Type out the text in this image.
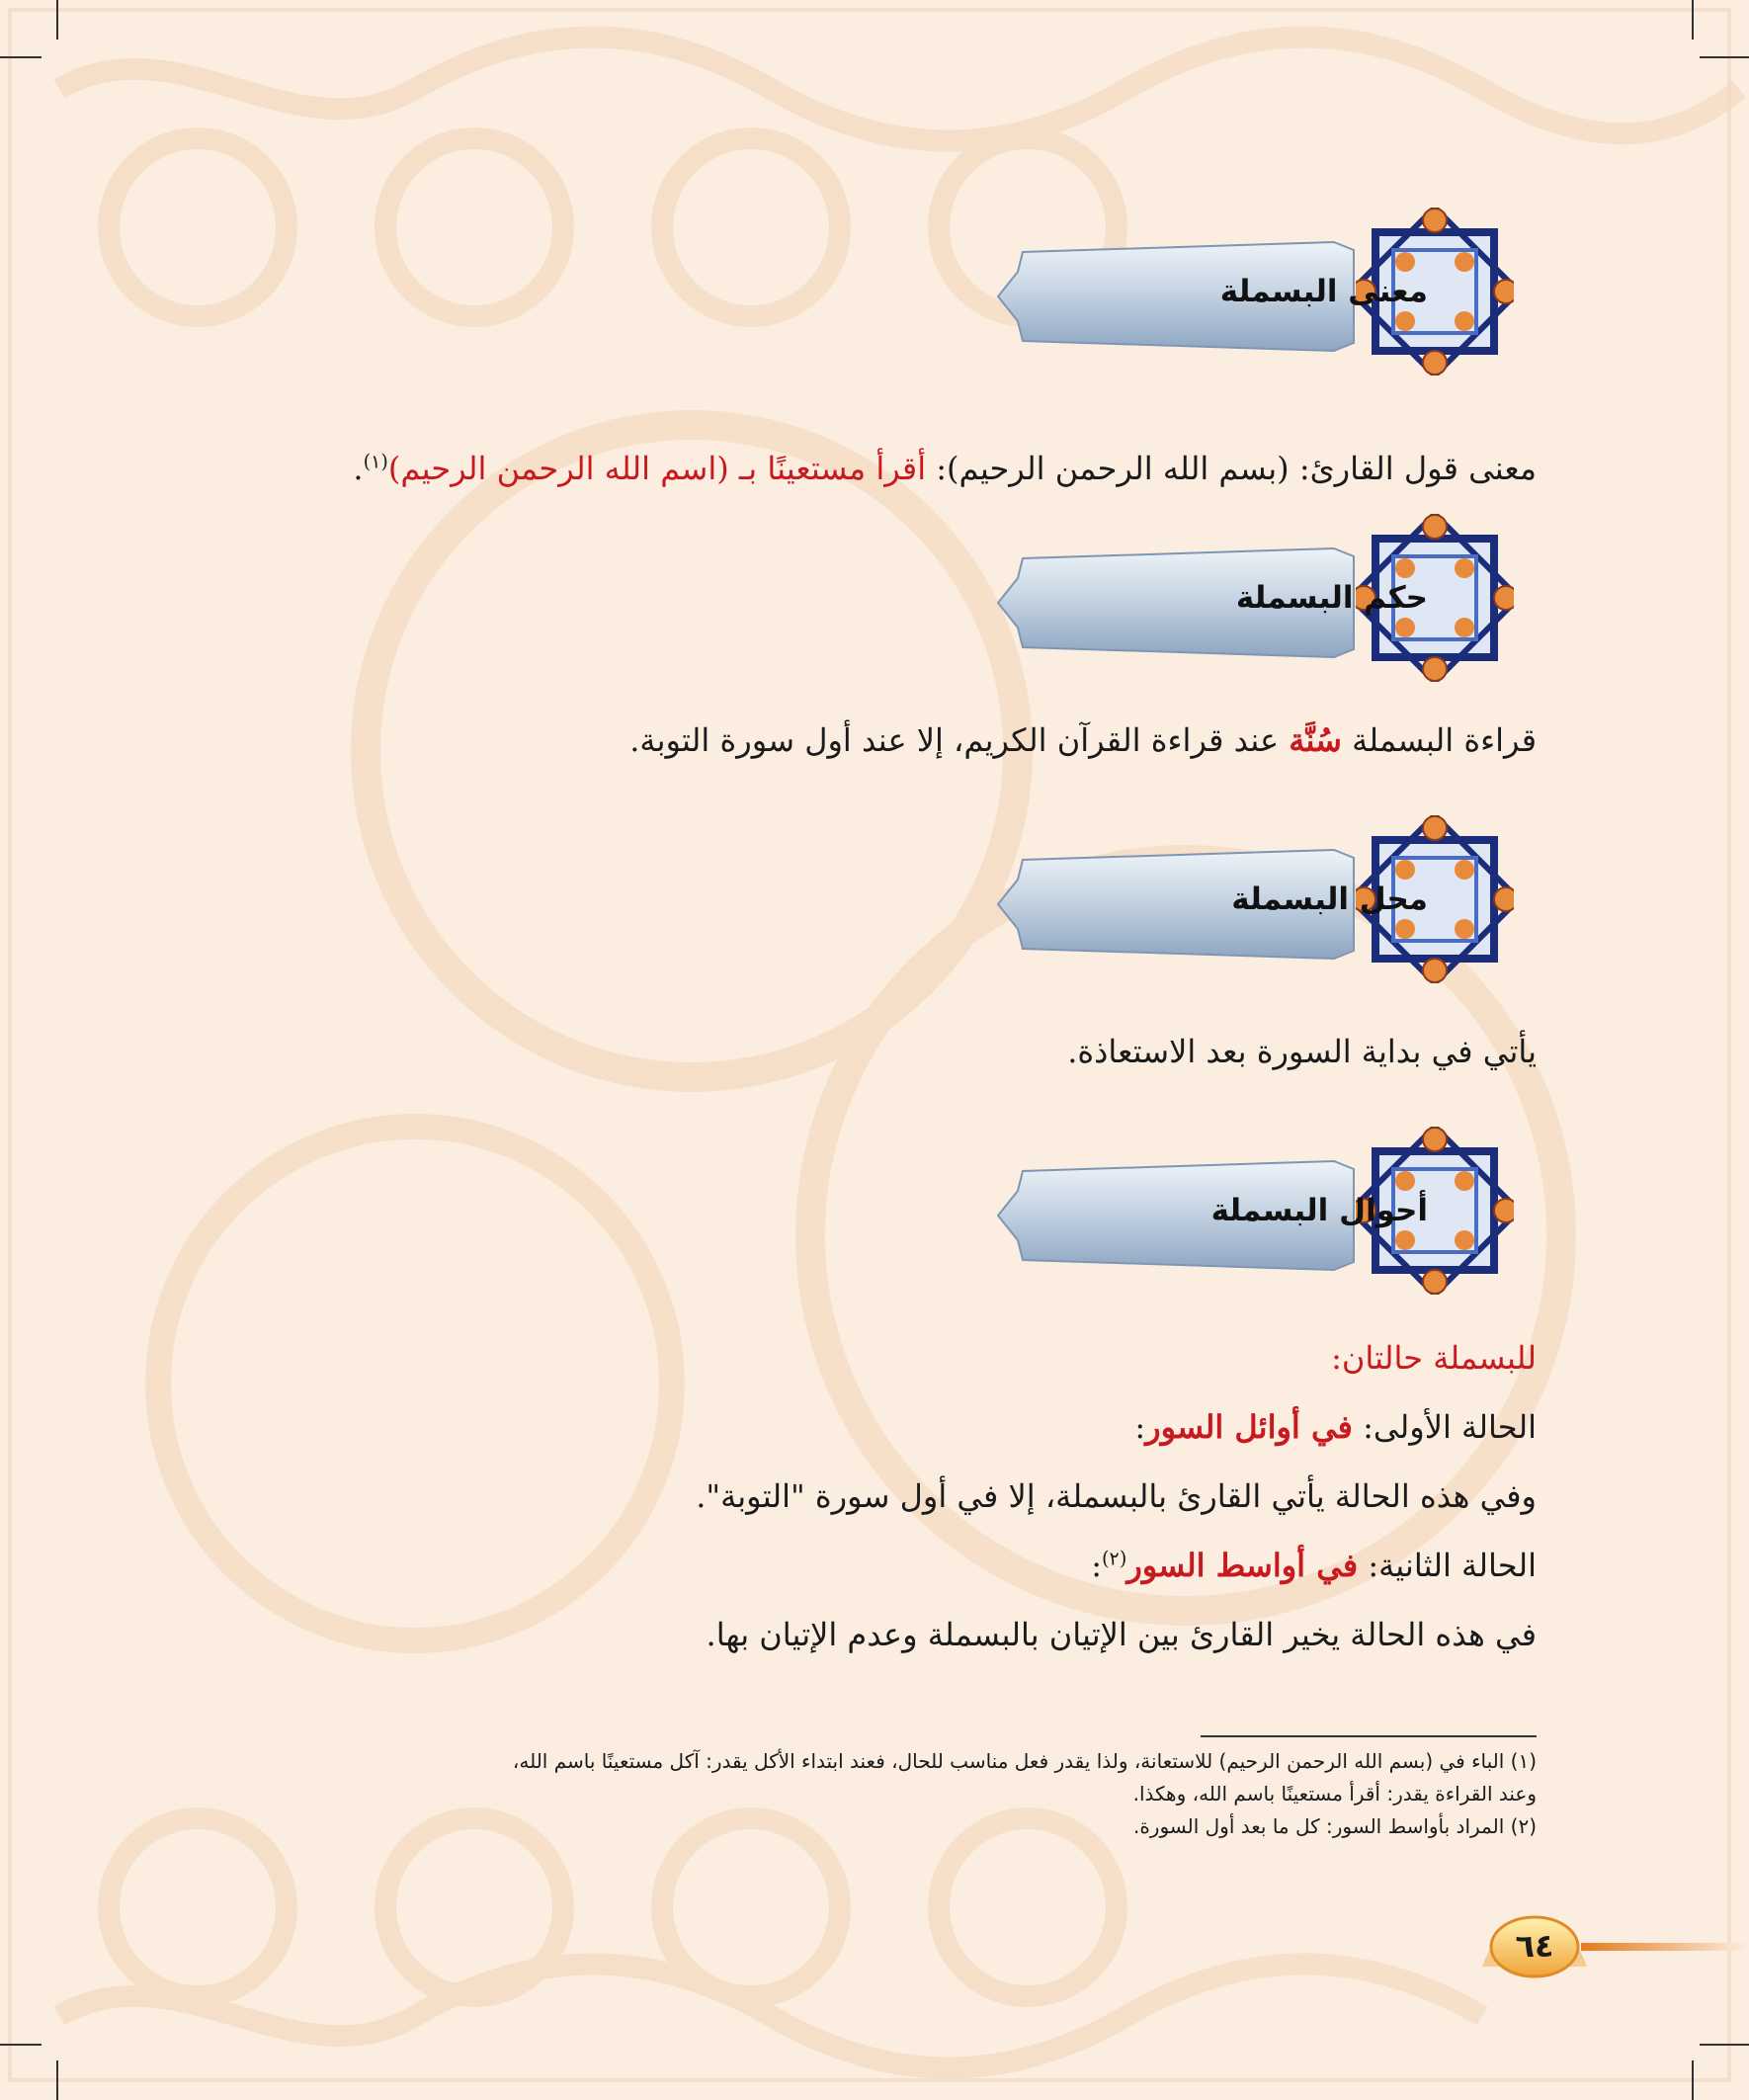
معنى البسملة
معنى قول القارئ: (بسم الله الرحمن الرحيم): أقرأ مستعينًا بـ (اسم الله الرحمن الرحيم)$^{(١)}$.
حكم البسملة
قراءة البسملة سُنَّة عند قراءة القرآن الكريم، إلا عند أول سورة التوبة.
محل البسملة
يأتي في بداية السورة بعد الاستعاذة.
أحوال البسملة
للبسملة حالتان:
الحالة الأولى: في أوائل السور:
وفي هذه الحالة يأتي القارئ بالبسملة، إلا في أول سورة "التوبة".
الحالة الثانية: في أواسط السور$^{(٢)}$:
في هذه الحالة يخير القارئ بين الإتيان بالبسملة وعدم الإتيان بها.
(١) الباء في (بسم الله الرحمن الرحيم) للاستعانة، ولذا يقدر فعل مناسب للحال، فعند ابتداء الأكل يقدر: آكل مستعينًا باسم الله،
وعند القراءة يقدر: أقرأ مستعينًا باسم الله، وهكذا.
(٢) المراد بأواسط السور: كل ما بعد أول السورة.
٦٤
